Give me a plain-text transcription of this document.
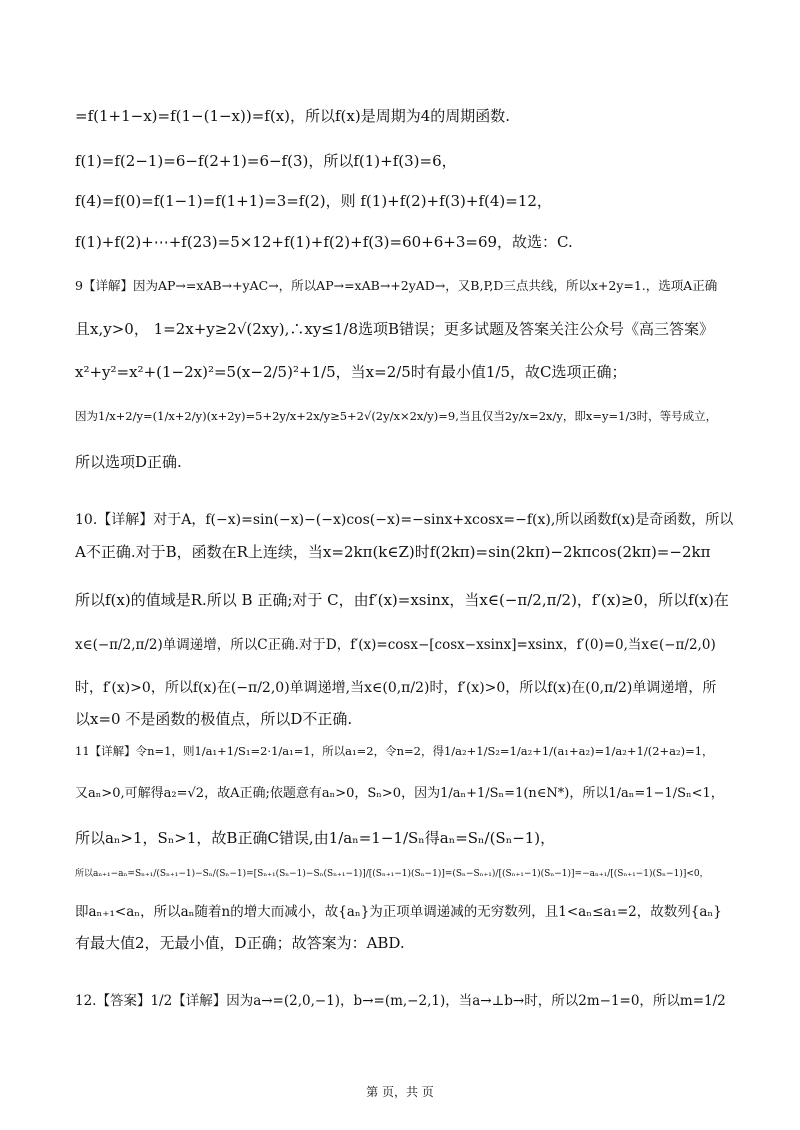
=f(1+1−x)=f(1−(1−x))=f(x)，所以f(x)是周期为4的周期函数.
f(1)=f(2−1)=6−f(2+1)=6−f(3)，所以f(1)+f(3)=6，
f(4)=f(0)=f(1−1)=f(1+1)=3=f(2)，则 f(1)+f(2)+f(3)+f(4)=12，
f(1)+f(2)+⋯+f(23)=5×12+f(1)+f(2)+f(3)=60+6+3=69，故选：C.
9【详解】因为AP→=xAB→+yAC→，所以AP→=xAB→+2yAD→，又B,P,D三点共线，所以x+2y=1.，选项A正确
且x,y>0， 1=2x+y≥2√(2xy),∴xy≤1/8选项B错误；更多试题及答案关注公众号《高三答案》
x²+y²=x²+(1−2x)²=5(x−2/5)²+1/5，当x=2/5时有最小值1/5，故C选项正确；
因为1/x+2/y=(1/x+2/y)(x+2y)=5+2y/x+2x/y≥5+2√(2y/x×2x/y)=9,当且仅当2y/x=2x/y，即x=y=1/3时，等号成立，
所以选项D正确.
10.【详解】对于A，f(−x)=sin(−x)−(−x)cos(−x)=−sinx+xcosx=−f(x),所以函数f(x)是奇函数，所以
A不正确.对于B，函数在R上连续，当x=2kπ(k∈Z)时f(2kπ)=sin(2kπ)−2kπcos(2kπ)=−2kπ
所以f(x)的值域是R.所以 B 正确;对于 C，由f′(x)=xsinx，当x∈(−π/2,π/2)，f′(x)≥0，所以f(x)在
x∈(−π/2,π/2)单调递增，所以C正确.对于D，f′(x)=cosx−[cosx−xsinx]=xsinx，f′(0)=0,当x∈(−π/2,0)
时，f′(x)>0，所以f(x)在(−π/2,0)单调递增,当x∈(0,π/2)时，f′(x)>0，所以f(x)在(0,π/2)单调递增，所
以x=0 不是函数的极值点，所以D不正确.
11【详解】令n=1，则1/a₁+1/S₁=2·1/a₁=1，所以a₁=2，令n=2，得1/a₂+1/S₂=1/a₂+1/(a₁+a₂)=1/a₂+1/(2+a₂)=1，
又aₙ>0,可解得a₂=√2，故A正确;依题意有aₙ>0，Sₙ>0，因为1/aₙ+1/Sₙ=1(n∈N*)，所以1/aₙ=1−1/Sₙ<1，
所以aₙ>1，Sₙ>1，故B正确C错误,由1/aₙ=1−1/Sₙ得aₙ=Sₙ/(Sₙ−1)，
所以aₙ₊₁−aₙ=Sₙ₊₁/(Sₙ₊₁−1)−Sₙ/(Sₙ−1)=[Sₙ₊₁(Sₙ−1)−Sₙ(Sₙ₊₁−1)]/[(Sₙ₊₁−1)(Sₙ−1)]=(Sₙ−Sₙ₊₁)/[(Sₙ₊₁−1)(Sₙ−1)]=−aₙ₊₁/[(Sₙ₊₁−1)(Sₙ−1)]<0，
即aₙ₊₁<aₙ，所以aₙ随着n的增大而减小，故{aₙ}为正项单调递减的无穷数列，且1<aₙ≤a₁=2，故数列{aₙ}
有最大值2，无最小值，D正确；故答案为：ABD.
12.【答案】1/2【详解】因为a→=(2,0,−1)，b→=(m,−2,1)，当a→⊥b→时，所以2m−1=0，所以m=1/2
第 页，共 页
